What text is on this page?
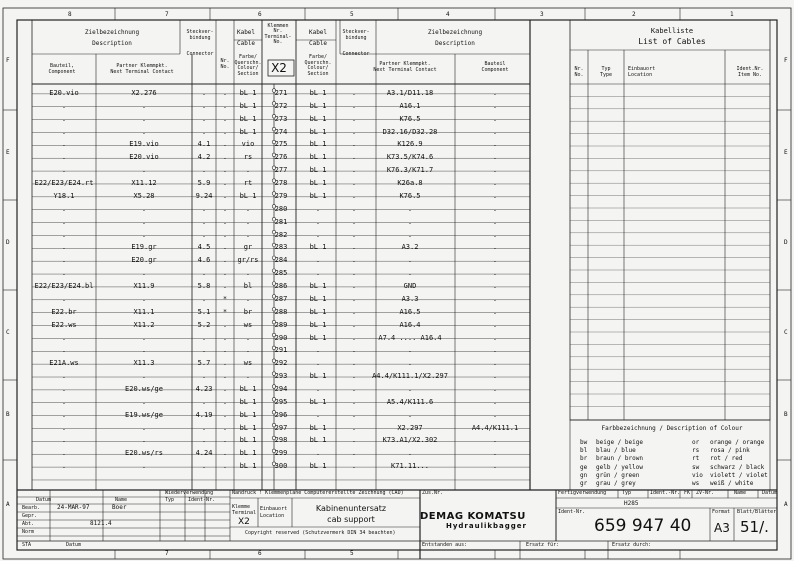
8	7	6	5	4	3	2	1
7	6	5
F	F
E	E
D	D
C	C
B	B
A	A
Zielbezeichnung
Description
Steckver-
bindung
Connector
Kabel
Cable
Klemmen
Nr.
Terminal-
No.
X2
Bauteil,
Component
Partner Klemmpkt.
Next Terminal Contact
Nr.
No.
Farbe/
Querschn.
Colour/
Section
Kabel
Cable
Steckver-
bindung
Connector
Zielbezeichnung
Description
Farbe/
Querschn.
Colour/
Section
Partner Klemmpkt.
Next Terminal Contact
Bauteil
Component
E20.vio	X2.276	.	.	bL 1	271	bL 1	.	A3.1/D11.18	.
.	.	.	.	bL 1	272	bL 1	.	A16.1	.
.	.	.	.	bL 1	273	bL 1	.	K76.5	.
.	.	.	.	bL 1	274	bL 1	.	D32.16/D32.28	.
.	E19.vio	4.1	.	vio	275	bL 1	.	K126.9	.
.	E20.vio	4.2	.	rs	276	bL 1	.	K73.5/K74.6	.
.	.	.	.	.	277	bL 1	.	K76.3/K71.7	.
E22/E23/E24.rt	X11.12	5.9	.	rt	278	bL 1	.	K26a.8	.
Y18.1	X5.28	9.24	.	bL 1	279	bL 1	.	K76.5	.
.	.	.	.	.	280	.	.	.	.
.	.	.	.	.	281	.	.	.	.
.	.	.	.	.	282	.	.	.	.
.	E19.gr	4.5	.	gr	283	bL 1	.	A3.2	.
.	E20.gr	4.6	.	gr/rs	284	.	.	.	.
.	.	.	.	.	285	.	.	.	.
E22/E23/E24.bl	X11.9	5.8	.	bl	286	bL 1	.	GND	.
.	.	.	*	.	287	bL 1	.	A3.3	.
E22.br	X11.1	5.1	*	br	288	bL 1	.	A16.5	.
E22.ws	X11.2	5.2	.	ws	289	bL 1	.	A16.4	.
.	.	.	.	.	290	bL 1	.	A7.4 .... A16.4	.
.	.	.	.	.	291	.	.	.	.
E21A.ws	X11.3	5.7	.	ws	292	.	.	.	.
.	.	.	.	.	293	bL 1	.	A4.4/K111.1/X2.297	.
.	E20.ws/ge	4.23	.	bL 1	294	.	.	.	.
.	.	.	.	bL 1	295	bL 1	.	A5.4/K111.6	.
.	E19.ws/ge	4.19	.	bL 1	296	.	.	.	.
.	.	.	.	bL 1	297	bL 1	.	X2.297	A4.4/K111.1
.	.	.	.	bL 1	298	bL 1	.	K73.A1/X2.302	.
.	E20.ws/rs	4.24	.	bL 1	299	.	.	.	.
.	.	.	.	bL 1	300	bL 1	.	K71.11...	.
Kabelliste
List of Cables
Nr.
No.
Typ
Type
Einbauort
Location
Ident.Nr.
Item No.
Farbbezeichnung / Description of Colour
bw beige / beige
bl blau / blue
br braun / brown
ge gelb / yellow
gn grün / green
gr grau / grey
or orange / orange
rs rosa / pink
rt rot / red
sw schwarz / black
vio violett / violet
ws weiß / white
Datum	Name
Bearb.	24-MAR-97	Boer
Gepr.
Abt.	8121.4
Norm
STA	Datum
Wiederverwendung
Typ	Ident-Nr.
Nandruck ! Klemmenpläne Computererstellte Zeichnung (CAD)
Klemme
Terminal
Einbauort
Location
X2
Kabinenuntersatz
cab support
Copyright reserved (Schutzvermerk DIN 34 beachten)
Zus.Nr.
DEMAG KOMATSU
Hydraulikbagger
Fertigverwendung	Typ	Ident.-Nr. FK ZV-Nr.	Name	Datum
H285
Ident-Nr.
659 947 40
Format
A3
Blatt/Blätter
51/.
Entstanden aus:	Ersatz für:	Ersatz durch:
